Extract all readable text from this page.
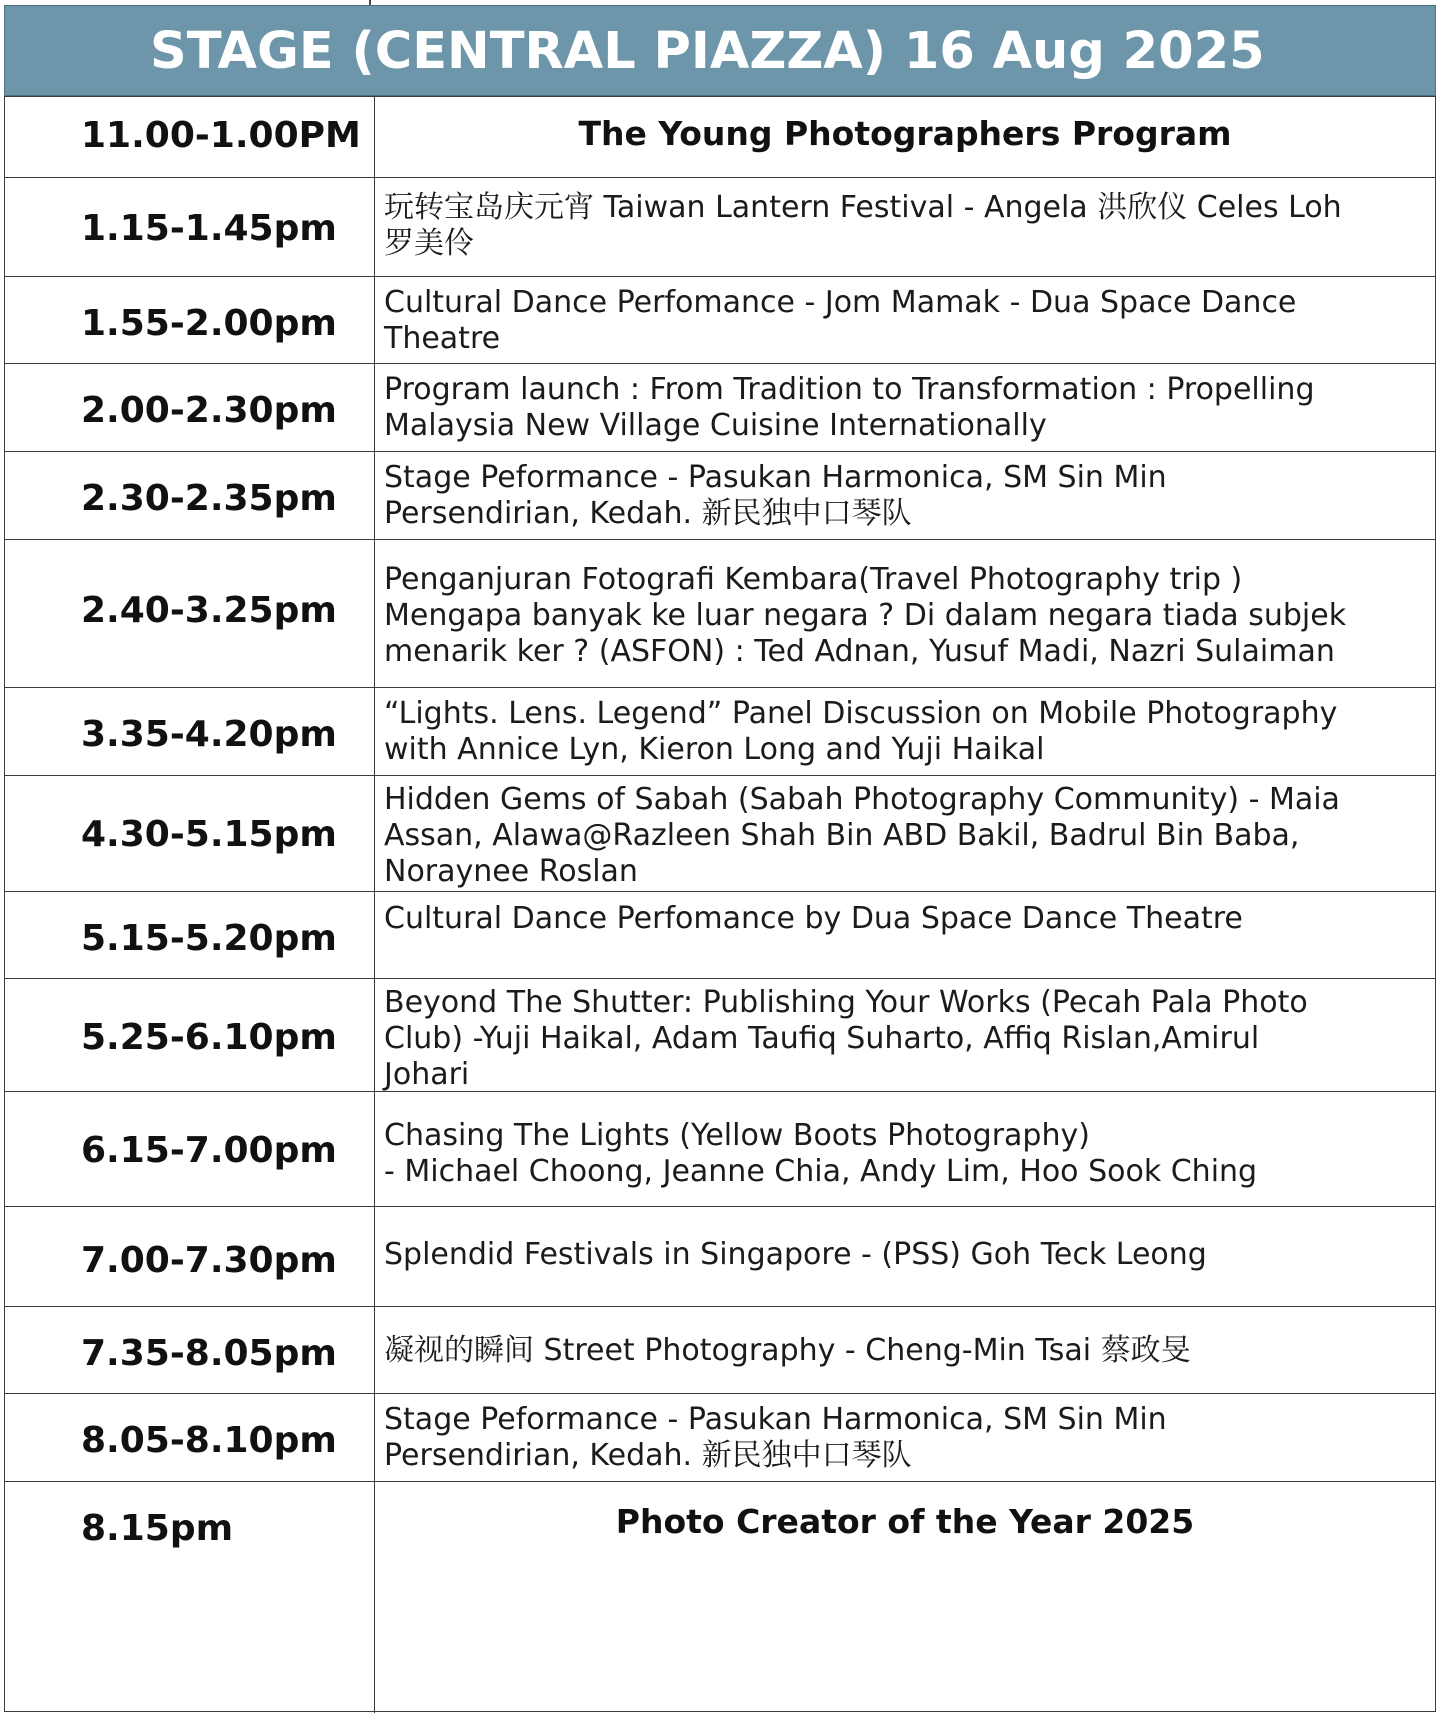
STAGE (CENTRAL PIAZZA) 16 Aug 2025
11.00-1.00PM	The Young Photographers Program
1.15-1.45pm
玩转宝岛庆元宵 Taiwan Lantern Festival - Angela 洪欣仪 Celes Loh
罗美伶
1.55-2.00pm
Cultural Dance Perfomance - Jom Mamak - Dua Space Dance
Theatre
2.00-2.30pm
Program launch : From Tradition to Transformation : Propelling
Malaysia New Village Cuisine Internationally
2.30-2.35pm
Stage Peformance - Pasukan Harmonica, SM Sin Min
Persendirian, Kedah. 新民独中口琴队
2.40-3.25pm
Penganjuran Fotografi Kembara(Travel Photography trip )
Mengapa banyak ke luar negara ? Di dalam negara tiada subjek
menarik ker ? (ASFON) : Ted Adnan, Yusuf Madi, Nazri Sulaiman
3.35-4.20pm
“Lights. Lens. Legend” Panel Discussion on Mobile Photography
with Annice Lyn, Kieron Long and Yuji Haikal
4.30-5.15pm
Hidden Gems of Sabah (Sabah Photography Community) - Maia
Assan, Alawa@Razleen Shah Bin ABD Bakil, Badrul Bin Baba,
Noraynee Roslan
5.15-5.20pm Cultural Dance Perfomance by Dua Space Dance Theatre
5.25-6.10pm
Beyond The Shutter: Publishing Your Works (Pecah Pala Photo
Club) -Yuji Haikal, Adam Taufiq Suharto, Affiq Rislan,Amirul
Johari
6.15-7.00pm Chasing The Lights (Yellow Boots Photography)
- Michael Choong, Jeanne Chia, Andy Lim, Hoo Sook Ching
7.00-7.30pm Splendid Festivals in Singapore - (PSS) Goh Teck Leong
7.35-8.05pm 凝视的瞬间 Street Photography - Cheng-Min Tsai 蔡政旻
8.05-8.10pm
Stage Peformance - Pasukan Harmonica, SM Sin Min
Persendirian, Kedah. 新民独中口琴队
8.15pm	Photo Creator of the Year 2025
